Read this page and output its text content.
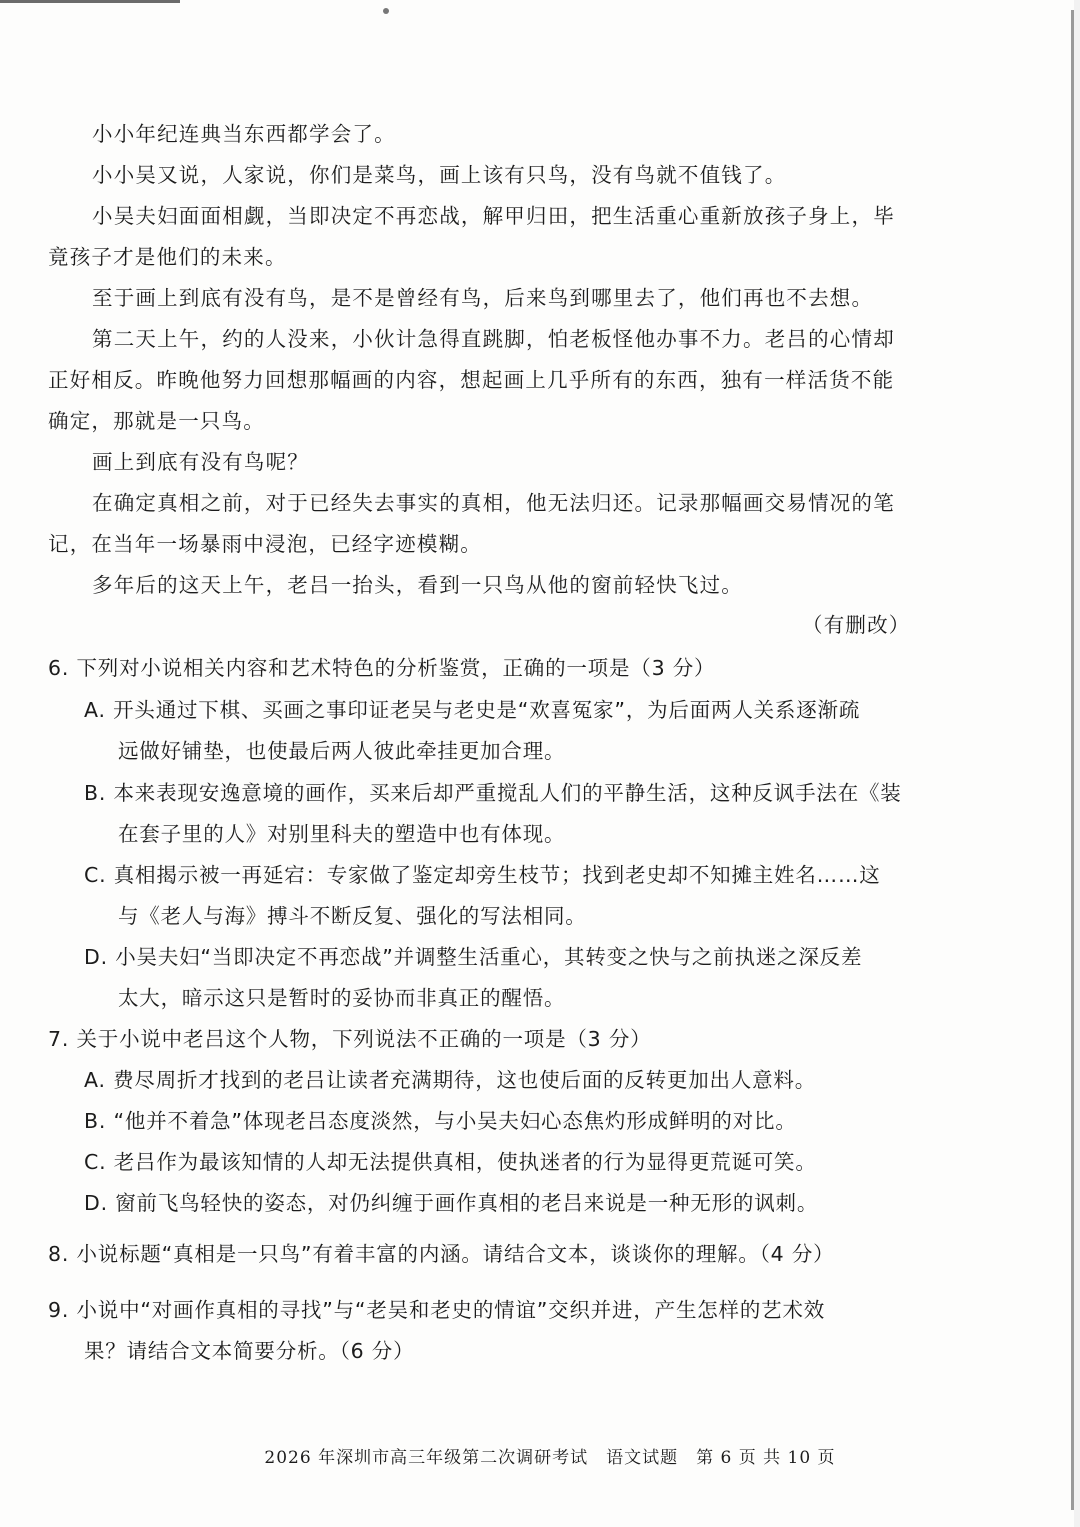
小小年纪连典当东西都学会了。
小小吴又说，人家说，你们是菜鸟，画上该有只鸟，没有鸟就不值钱了。
小吴夫妇面面相觑，当即决定不再恋战，解甲归田，把生活重心重新放孩子身上，毕
竟孩子才是他们的未来。
至于画上到底有没有鸟，是不是曾经有鸟，后来鸟到哪里去了，他们再也不去想。
第二天上午，约的人没来，小伙计急得直跳脚，怕老板怪他办事不力。老吕的心情却
正好相反。昨晚他努力回想那幅画的内容，想起画上几乎所有的东西，独有一样活货不能
确定，那就是一只鸟。
画上到底有没有鸟呢？
在确定真相之前，对于已经失去事实的真相，他无法归还。记录那幅画交易情况的笔
记，在当年一场暴雨中浸泡，已经字迹模糊。
多年后的这天上午，老吕一抬头，看到一只鸟从他的窗前轻快飞过。
（有删改）
6. 下列对小说相关内容和艺术特色的分析鉴赏，正确的一项是（3 分）
A. 开头通过下棋、买画之事印证老吴与老史是“欢喜冤家”，为后面两人关系逐渐疏
远做好铺垫，也使最后两人彼此牵挂更加合理。
B. 本来表现安逸意境的画作，买来后却严重搅乱人们的平静生活，这种反讽手法在《装
在套子里的人》对别里科夫的塑造中也有体现。
C. 真相揭示被一再延宕：专家做了鉴定却旁生枝节；找到老史却不知摊主姓名……这
与《老人与海》搏斗不断反复、强化的写法相同。
D. 小吴夫妇“当即决定不再恋战”并调整生活重心，其转变之快与之前执迷之深反差
太大，暗示这只是暂时的妥协而非真正的醒悟。
7. 关于小说中老吕这个人物，下列说法不正确的一项是（3 分）
A. 费尽周折才找到的老吕让读者充满期待，这也使后面的反转更加出人意料。
B. “他并不着急”体现老吕态度淡然，与小吴夫妇心态焦灼形成鲜明的对比。
C. 老吕作为最该知情的人却无法提供真相，使执迷者的行为显得更荒诞可笑。
D. 窗前飞鸟轻快的姿态，对仍纠缠于画作真相的老吕来说是一种无形的讽刺。
8. 小说标题“真相是一只鸟”有着丰富的内涵。请结合文本，谈谈你的理解。（4 分）
9. 小说中“对画作真相的寻找”与“老吴和老史的情谊”交织并进，产生怎样的艺术效
果？请结合文本简要分析。（6 分）
2026 年深圳市高三年级第二次调研考试　语文试题　第 6 页 共 10 页
